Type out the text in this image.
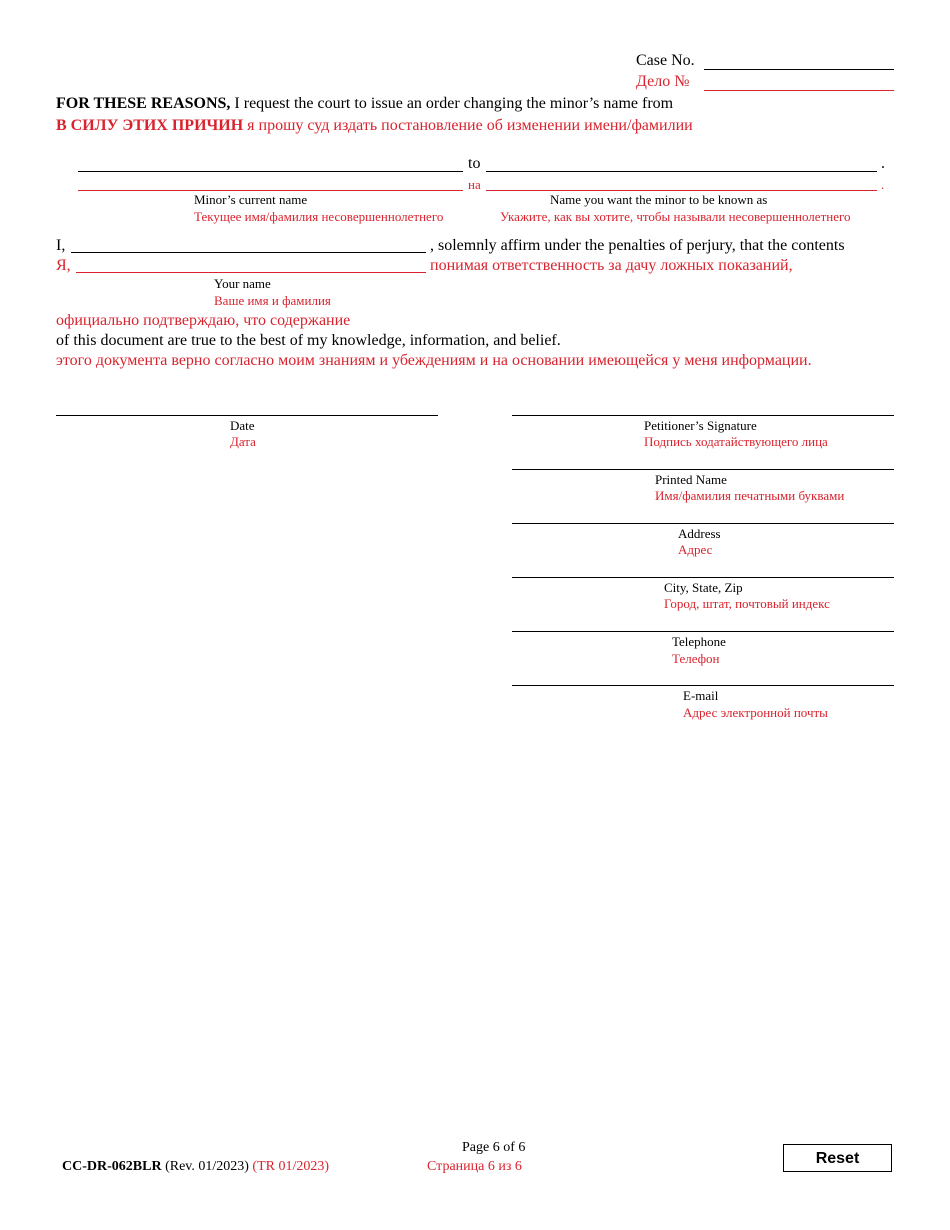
Case No.
Дело №
FOR THESE REASONS, I request the court to issue an order changing the minor’s name from
В СИЛУ ЭТИХ ПРИЧИН я прошу суд издать постановление об изменении имени/фамилии
to	.
на	.
Minor’s current name	Name you want the minor to be known as
Текущее имя/фамилия несовершеннолетнего	Укажите, как вы хотите, чтобы называли несовершеннолетнего
I,	, solemnly affirm under the penalties of perjury, that the contents
Я,	понимая ответственность за дачу ложных показаний,
Your name
Ваше имя и фамилия
официально подтверждаю, что содержание
of this document are true to the best of my knowledge, information, and belief.
этого документа верно согласно моим знаниям и убеждениям и на основании имеющейся у меня информации.
Date
Дата
Petitioner’s Signature
Подпись ходатайствующего лица
Printed Name
Имя/фамилия печатными буквами
Address
Адрес
City, State, Zip
Город, штат, почтовый индекс
Telephone
Телефон
E-mail
Адрес электронной почты
CC-DR-062BLR (Rev. 01/2023) (TR 01/2023)
Page 6 of 6
Страница 6 из 6	Reset
